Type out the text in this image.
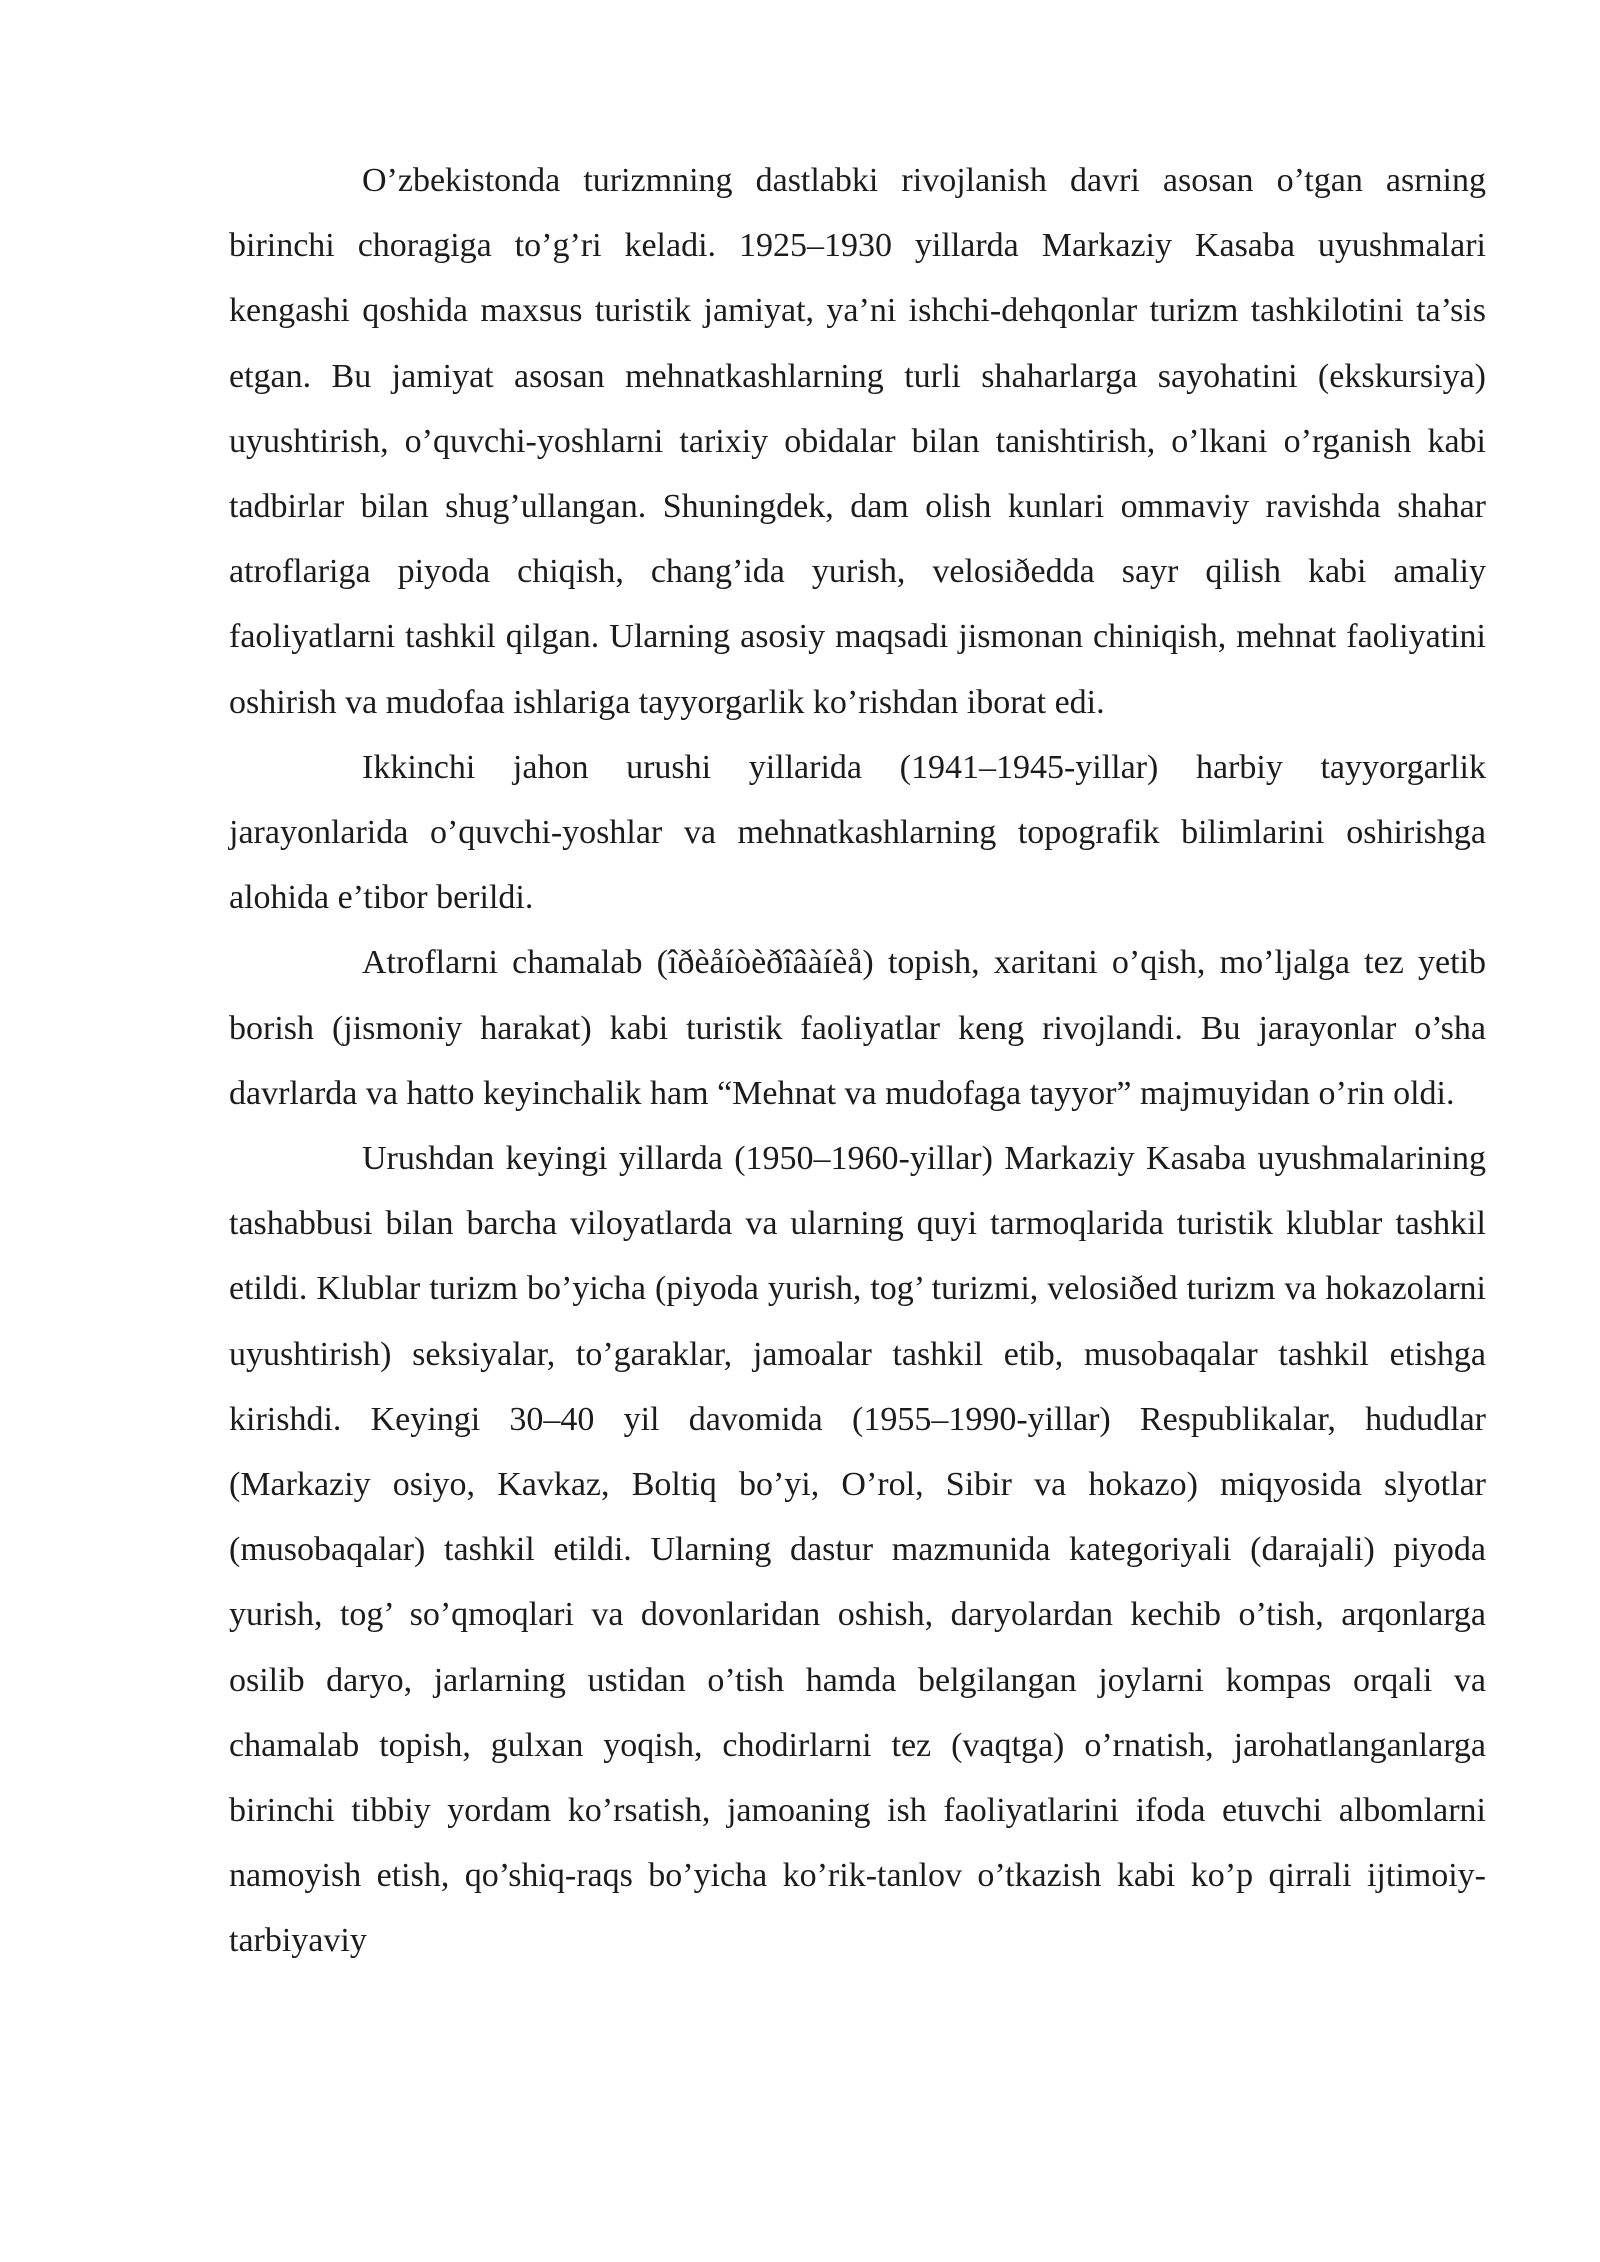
O’zbekistonda turizmning dastlabki rivojlanish davri asosan o’tgan asrning birinchi choragiga to’g’ri keladi. 1925–1930 yillarda Markaziy Kasaba uyushmalari kengashi qoshida maxsus turistik jamiyat, ya’ni ishchi-dehqonlar turizm tashkilotini ta’sis etgan. Bu jamiyat asosan mehnatkashlarning turli shaharlarga sayohatini (ekskursiya) uyushtirish, o’quvchi-yoshlarni tarixiy obidalar bilan tanishtirish, o’lkani o’rganish kabi tadbirlar bilan shug’ullangan. Shuningdek, dam olish kunlari ommaviy ravishda shahar atroflariga piyoda chiqish, chang’ida yurish, velosiðedda sayr qilish kabi amaliy faoliyatlarni tashkil qilgan. Ularning asosiy maqsadi jismonan chiniqish, mehnat faoliyatini oshirish va mudofaa ishlariga tayyorgarlik ko’rishdan iborat edi.

Ikkinchi jahon urushi yillarida (1941–1945-yillar) harbiy tayyorgarlik jarayonlarida o’quvchi-yoshlar va mehnatkashlarning topografik bilimlarini oshirishga alohida e’tibor berildi.

Atroflarni chamalab (îðèåíòèðîâàíèå) topish, xaritani o’qish, mo’ljalga tez yetib borish (jismoniy harakat) kabi turistik faoliyatlar keng rivojlandi. Bu jarayonlar o’sha davrlarda va hatto keyinchalik ham “Mehnat va mudofaga tayyor” majmuyidan o’rin oldi.

Urushdan keyingi yillarda (1950–1960-yillar) Markaziy Kasaba uyushmalarining tashabbusi bilan barcha viloyatlarda va ularning quyi tarmoqlarida turistik klublar tashkil etildi. Klublar turizm bo’yicha (piyoda yurish, tog’ turizmi, velosiðed turizm va hokazolarni uyushtirish) seksiyalar, to’garaklar, jamoalar tashkil etib, musobaqalar tashkil etishga kirishdi. Keyingi 30–40 yil davomida (1955–1990-yillar) Respublikalar, hududlar (Markaziy osiyo, Kavkaz, Boltiq bo’yi, O’rol, Sibir va hokazo) miqyosida slyotlar (musobaqalar) tashkil etildi. Ularning dastur mazmunida kategoriyali (darajali) piyoda yurish, tog’ so’qmoqlari va dovonlaridan oshish, daryolardan kechib o’tish, arqonlarga osilib daryo, jarlarning ustidan o’tish hamda belgilangan joylarni kompas orqali va chamalab topish, gulxan yoqish, chodirlarni tez (vaqtga) o’rnatish, jarohatlanganlarga birinchi tibbiy yordam ko’rsatish, jamoaning ish faoliyatlarini ifoda etuvchi albomlarni namoyish etish, qo’shiq-raqs bo’yicha ko’rik-tanlov o’tkazish kabi ko’p qirrali ijtimoiy-tarbiyaviy
